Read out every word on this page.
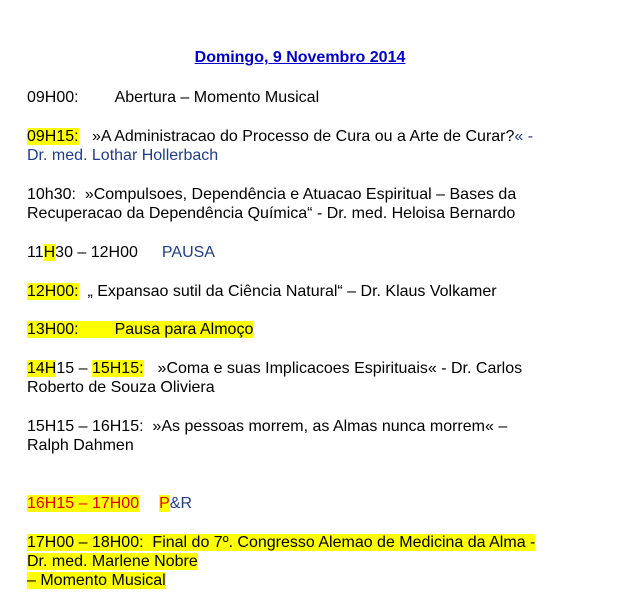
Domingo, 9 Novembro 2014
09H00: Abertura – Momento Musical
09H15: »A Administracao do Processo de Cura ou a Arte de Curar?« -
Dr. med. Lothar Hollerbach
10h30: »Compulsoes, Dependência e Atuacao Espiritual – Bases da
Recuperacao da Dependência Química“ - Dr. med. Heloisa Bernardo
11H30 – 12H00 PAUSA
12H00: „ Expansao sutil da Ciência Natural“ – Dr. Klaus Volkamer
13H00: Pausa para Almoço
14H15 – 15H15: »Coma e suas Implicacoes Espirituais« - Dr. Carlos
Roberto de Souza Oliviera
15H15 – 16H15: »As pessoas morrem, as Almas nunca morrem« –
Ralph Dahmen
16H15 – 17H00 P&R
17H00 – 18H00: Final do 7º. Congresso Alemao de Medicina da Alma -
Dr. med. Marlene Nobre
– Momento Musical
